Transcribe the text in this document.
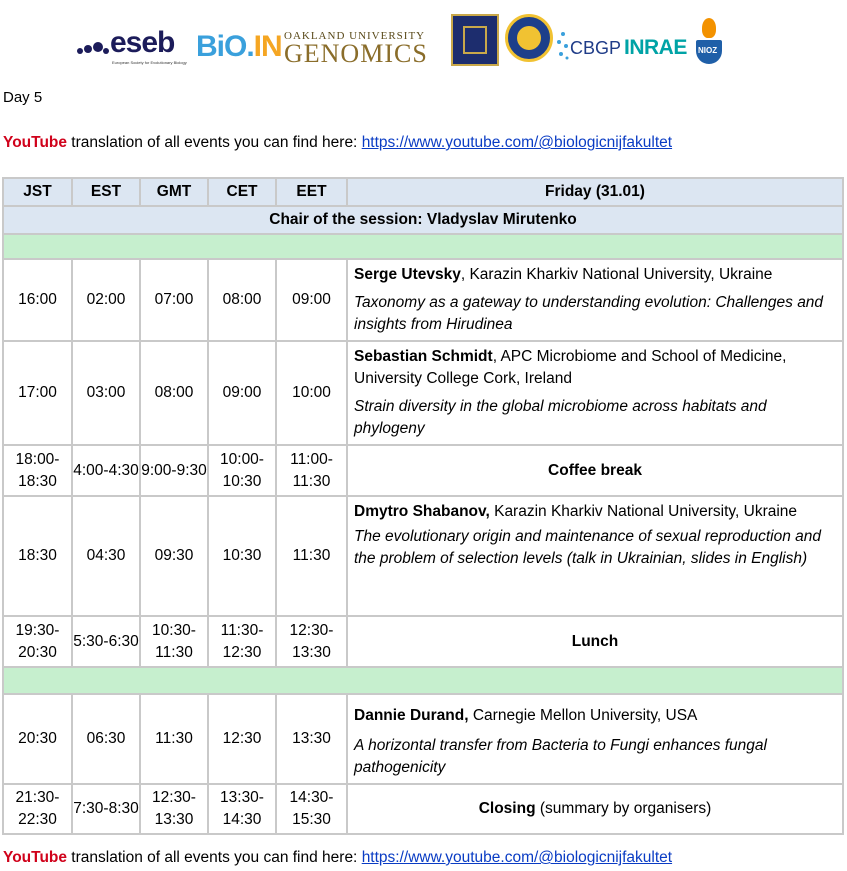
eseb
European Society for Evolutionary Biology BiO.IN OAKLAND UNIVERSITY
GENOMICS	CBGP INRAE NIOZ
Day 5
YouTube translation of all events you can find here: https://www.youtube.com/@biologicnijfakultet
JST	EST	GMT	CET	EET	Friday (31.01)
Chair of the session: Vladyslav Mirutenko					

16:00	02:00	07:00	08:00	09:00	Serge Utevsky, Karazin Kharkiv National University, Ukraine

Taxonomy as a gateway to understanding evolution: Challenges and insights from Hirudinea

17:00	03:00	08:00	09:00	10:00	Sebastian Schmidt, APC Microbiome and School of Medicine, University College Cork, Ireland

Strain diversity in the global microbiome across habitats and phylogeny

18:00-18:30	4:00-4:30	9:00-9:30	10:00-10:30	11:00-11:30	Coffee break
18:30	04:30	09:30	10:30	11:30	Dmytro Shabanov, Karazin Kharkiv National University, Ukraine

The evolutionary origin and maintenance of sexual reproduction and the problem of selection levels (talk in Ukrainian, slides in English)

19:30-20:30	5:30-6:30	10:30-11:30	11:30-12:30	12:30-13:30	Lunch

20:30	06:30	11:30	12:30	13:30	Dannie Durand, Carnegie Mellon University, USA

A horizontal transfer from Bacteria to Fungi enhances fungal pathogenicity

21:30-22:30	7:30-8:30	12:30-13:30	13:30-14:30	14:30-15:30	Closing (summary by organisers)
YouTube translation of all events you can find here: https://www.youtube.com/@biologicnijfakultet
